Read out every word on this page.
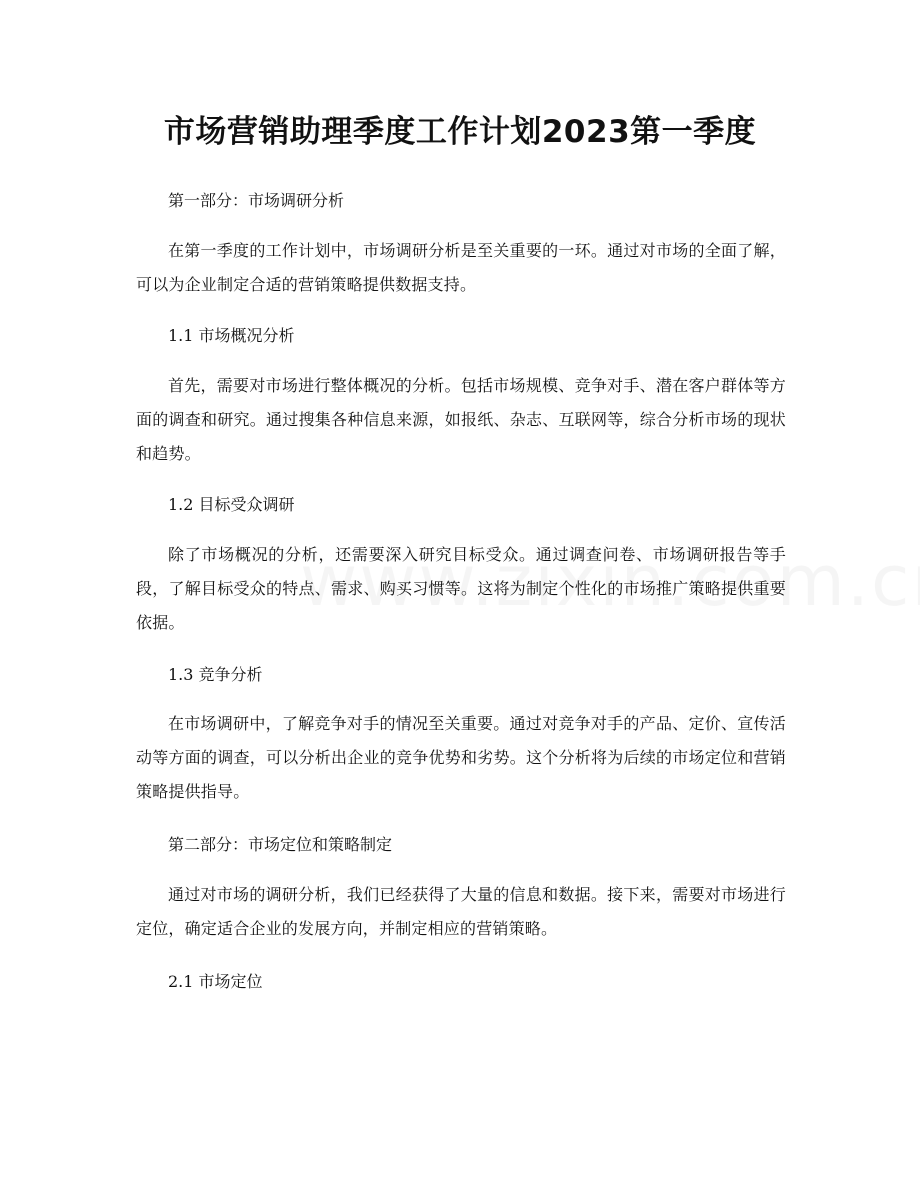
市场营销助理季度工作计划2023第一季度

第一部分：市场调研分析

在第一季度的工作计划中，市场调研分析是至关重要的一环。通过对市场的全面了解，可以为企业制定合适的营销策略提供数据支持。

1.1 市场概况分析

首先，需要对市场进行整体概况的分析。包括市场规模、竞争对手、潜在客户群体等方面的调查和研究。通过搜集各种信息来源，如报纸、杂志、互联网等，综合分析市场的现状和趋势。

1.2 目标受众调研

除了市场概况的分析，还需要深入研究目标受众。通过调查问卷、市场调研报告等手段，了解目标受众的特点、需求、购买习惯等。这将为制定个性化的市场推广策略提供重要依据。

1.3 竞争分析

在市场调研中，了解竞争对手的情况至关重要。通过对竞争对手的产品、定价、宣传活动等方面的调查，可以分析出企业的竞争优势和劣势。这个分析将为后续的市场定位和营销策略提供指导。

第二部分：市场定位和策略制定

通过对市场的调研分析，我们已经获得了大量的信息和数据。接下来，需要对市场进行定位，确定适合企业的发展方向，并制定相应的营销策略。

2.1 市场定位
